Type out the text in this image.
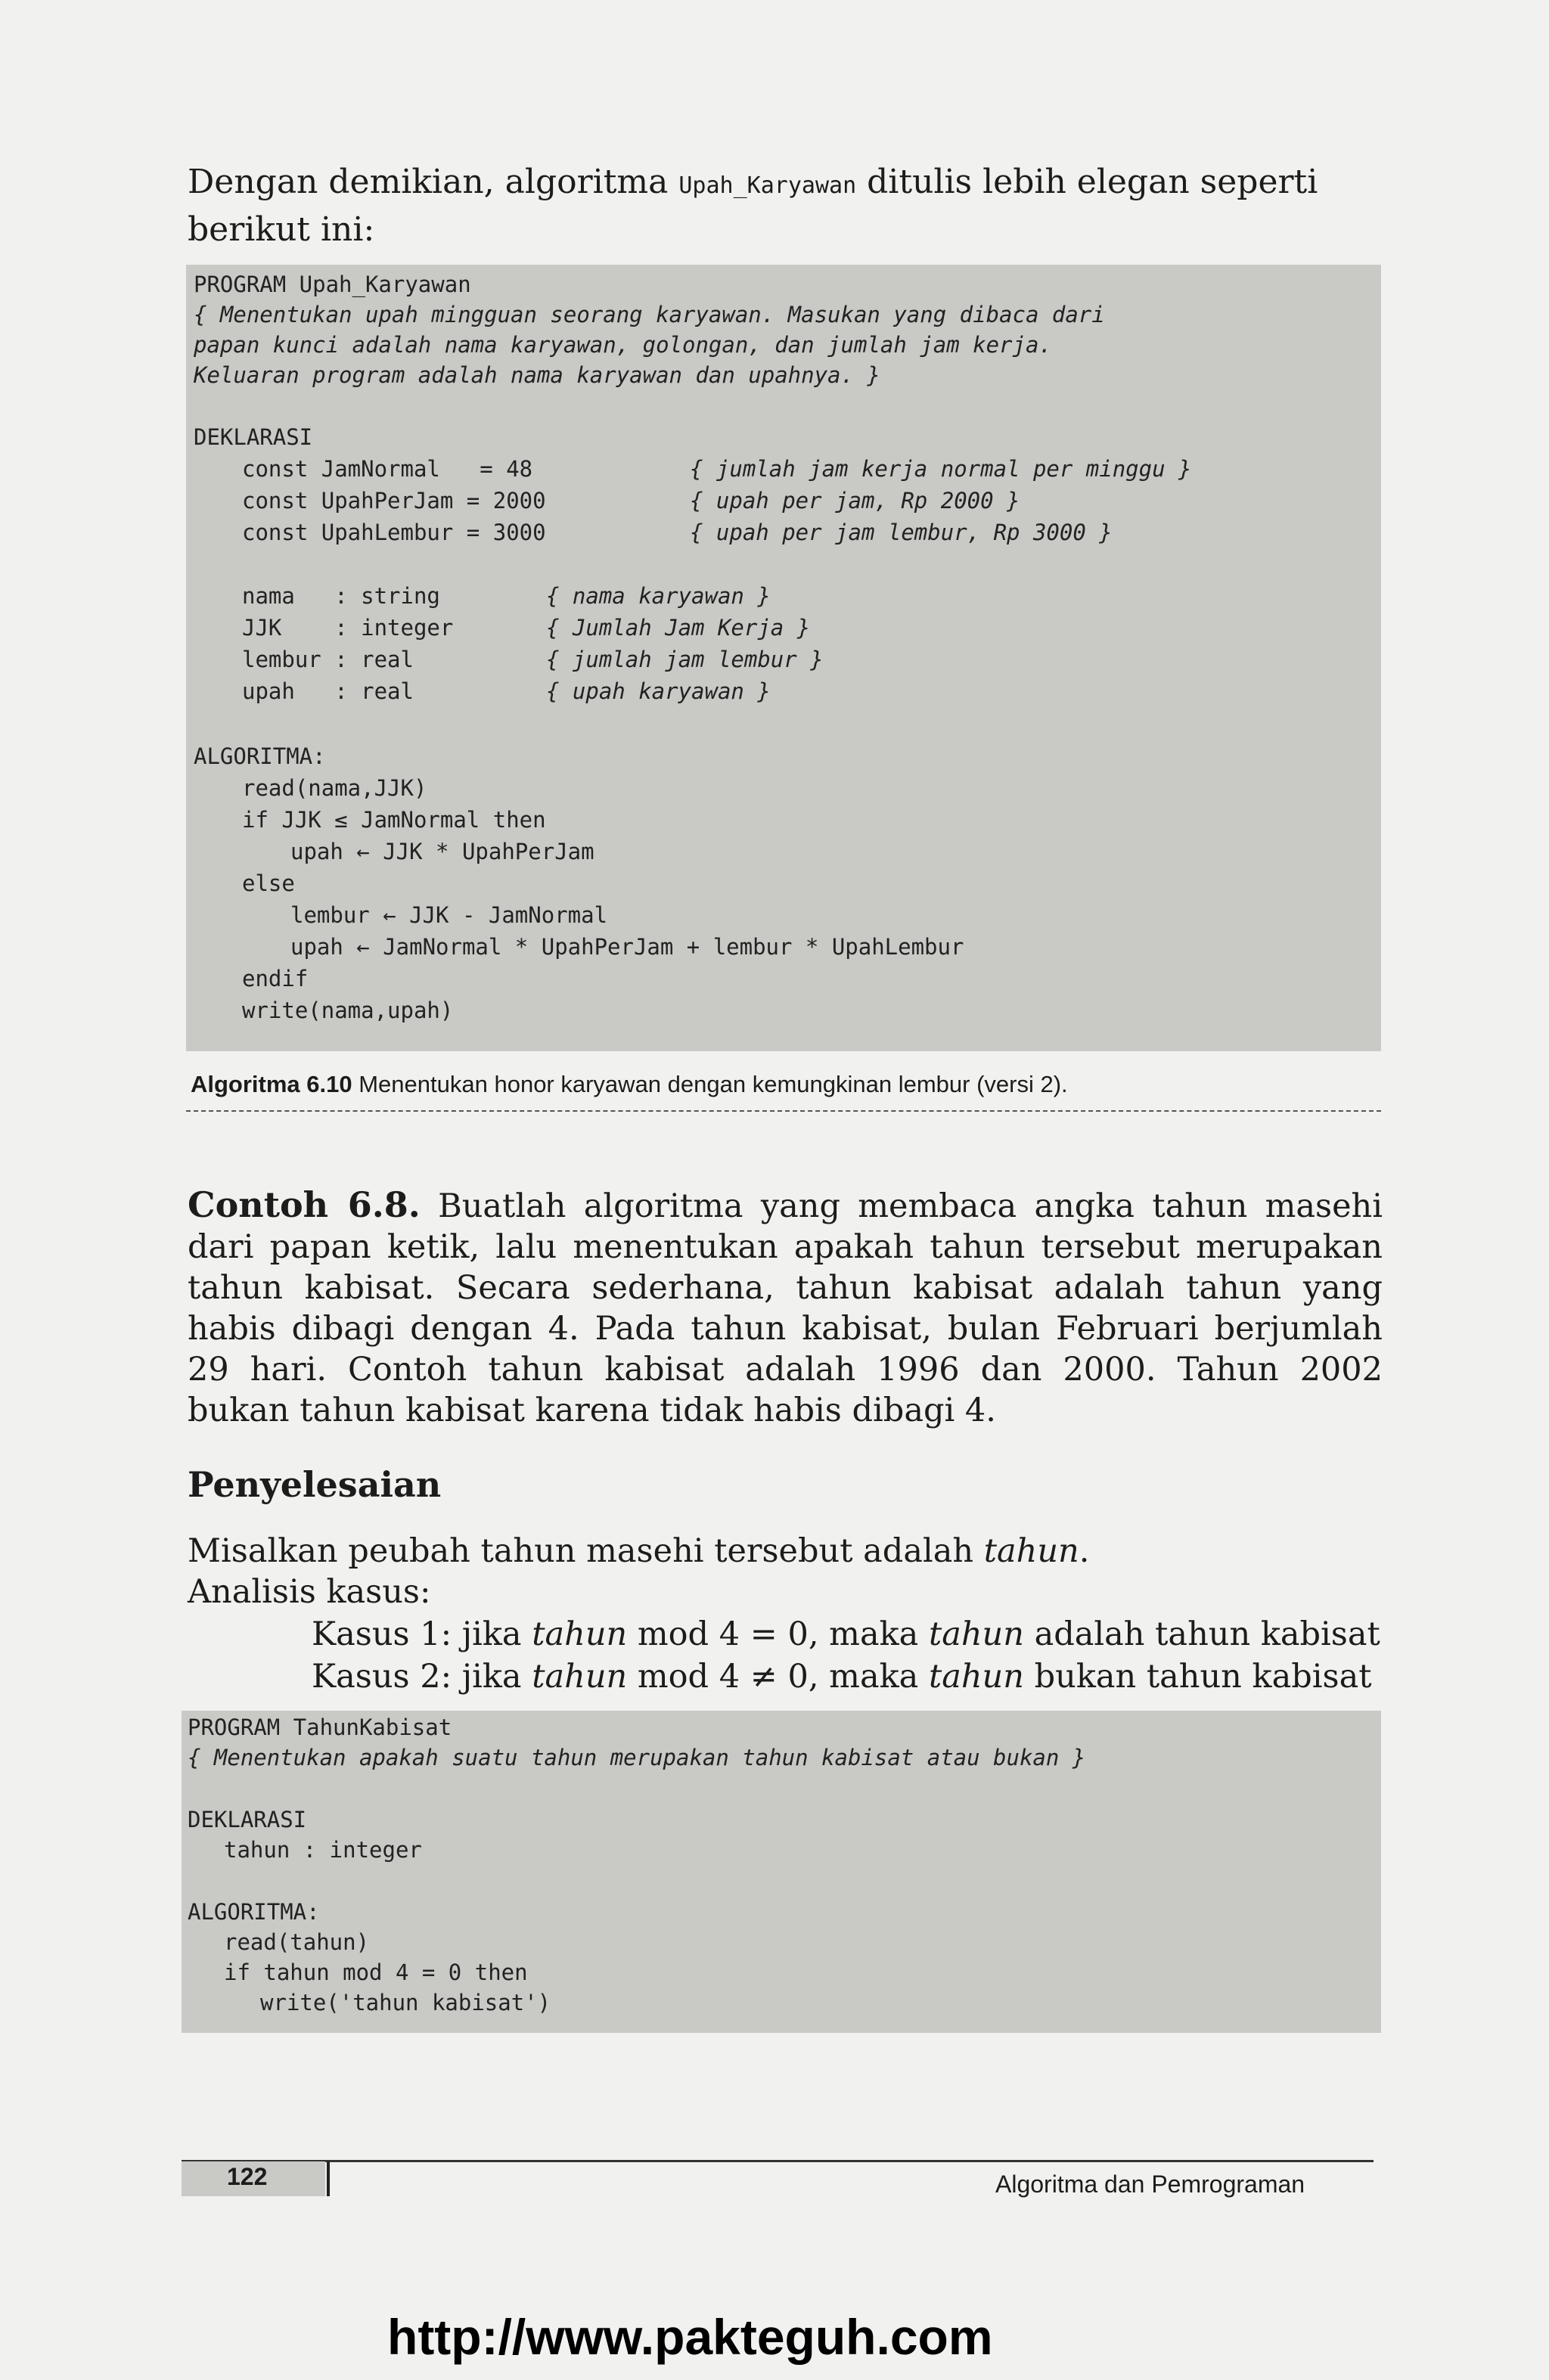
Dengan demikian, algoritma Upah_Karyawan ditulis lebih elegan seperti berikut ini:
PROGRAM Upah_Karyawan
{ Menentukan upah mingguan seorang karyawan. Masukan yang dibaca dari
papan kunci adalah nama karyawan, golongan, dan jumlah jam kerja.
Keluaran program adalah nama karyawan dan upahnya. }
DEKLARASI
const JamNormal   = 48	{ jumlah jam kerja normal per minggu }
const UpahPerJam = 2000	{ upah per jam, Rp 2000 }
const UpahLembur = 3000	{ upah per jam lembur, Rp 3000 }
nama   : string	{ nama karyawan }
JJK    : integer	{ Jumlah Jam Kerja }
lembur : real	{ jumlah jam lembur }
upah   : real	{ upah karyawan }
ALGORITMA:
read(nama,JJK)
if JJK ≤ JamNormal then
upah ← JJK * UpahPerJam
else
lembur ← JJK - JamNormal
upah ← JamNormal * UpahPerJam + lembur * UpahLembur
endif
write(nama,upah)
Algoritma 6.10 Menentukan honor karyawan dengan kemungkinan lembur (versi 2).
Contoh 6.8. Buatlah algoritma yang membaca angka tahun masehi dari papan ketik, lalu menentukan apakah tahun tersebut merupakan tahun kabisat. Secara sederhana, tahun kabisat adalah tahun yang habis dibagi dengan 4. Pada tahun kabisat, bulan Februari berjumlah 29 hari. Contoh tahun kabisat adalah 1996 dan 2000. Tahun 2002 bukan tahun kabisat karena tidak habis dibagi 4.
Penyelesaian
Misalkan peubah tahun masehi tersebut adalah tahun.
Analisis kasus:
Kasus 1: jika tahun mod 4 = 0, maka tahun adalah tahun kabisat
Kasus 2: jika tahun mod 4 ≠ 0, maka tahun bukan tahun kabisat
PROGRAM TahunKabisat
{ Menentukan apakah suatu tahun merupakan tahun kabisat atau bukan }
DEKLARASI
tahun : integer
ALGORITMA:
read(tahun)
if tahun mod 4 = 0 then
write('tahun kabisat')
122	Algoritma dan Pemrograman
http://www.pakteguh.com
